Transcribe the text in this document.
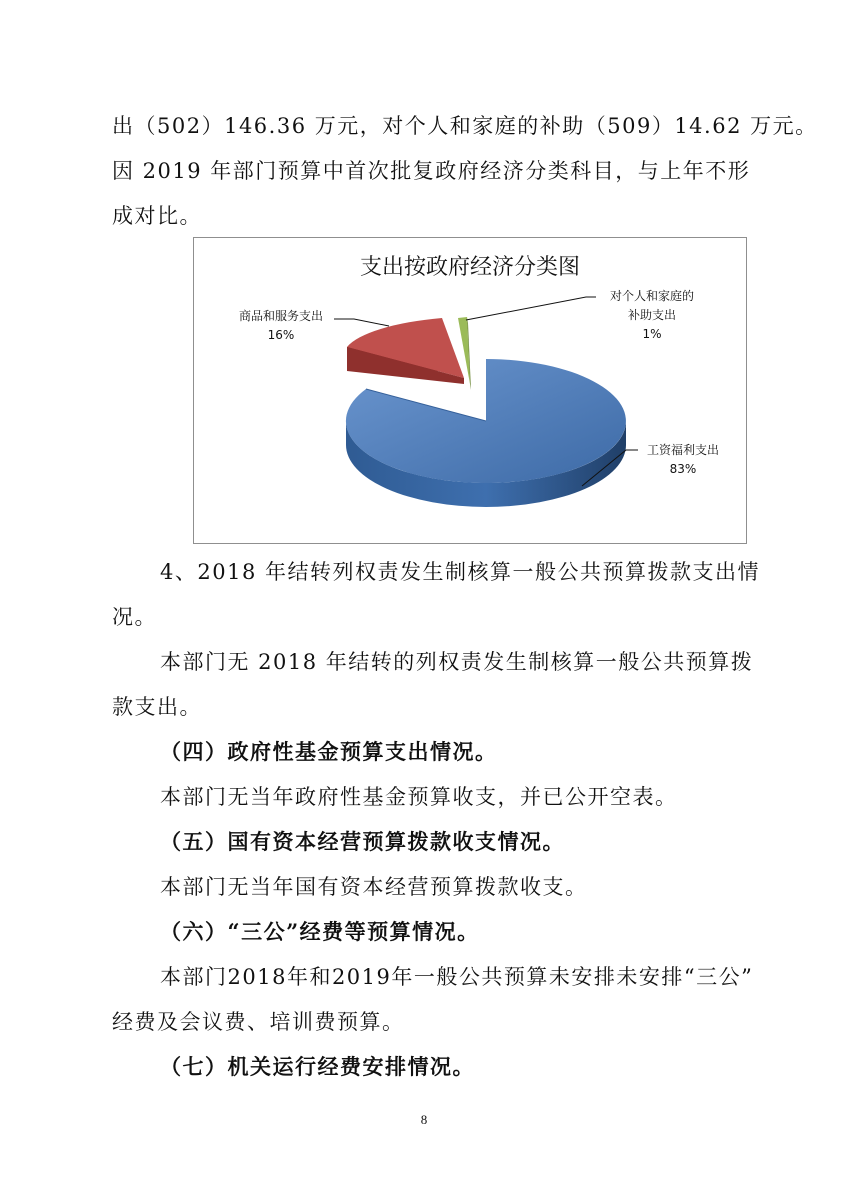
出（502）146.36 万元，对个人和家庭的补助（509）14.62 万元。
因 2019 年部门预算中首次批复政府经济分类科目，与上年不形
成对比。
支出按政府经济分类图
商品和服务支出
16%
对个人和家庭的
补助支出
1%
工资福利支出
83%
4、2018 年结转列权责发生制核算一般公共预算拨款支出情
况。
本部门无 2018 年结转的列权责发生制核算一般公共预算拨
款支出。
（四）政府性基金预算支出情况。
本部门无当年政府性基金预算收支，并已公开空表。
（五）国有资本经营预算拨款收支情况。
本部门无当年国有资本经营预算拨款收支。
（六）“三公”经费等预算情况。
本部门2018年和2019年一般公共预算未安排未安排“三公”
经费及会议费、培训费预算。
（七）机关运行经费安排情况。
8
